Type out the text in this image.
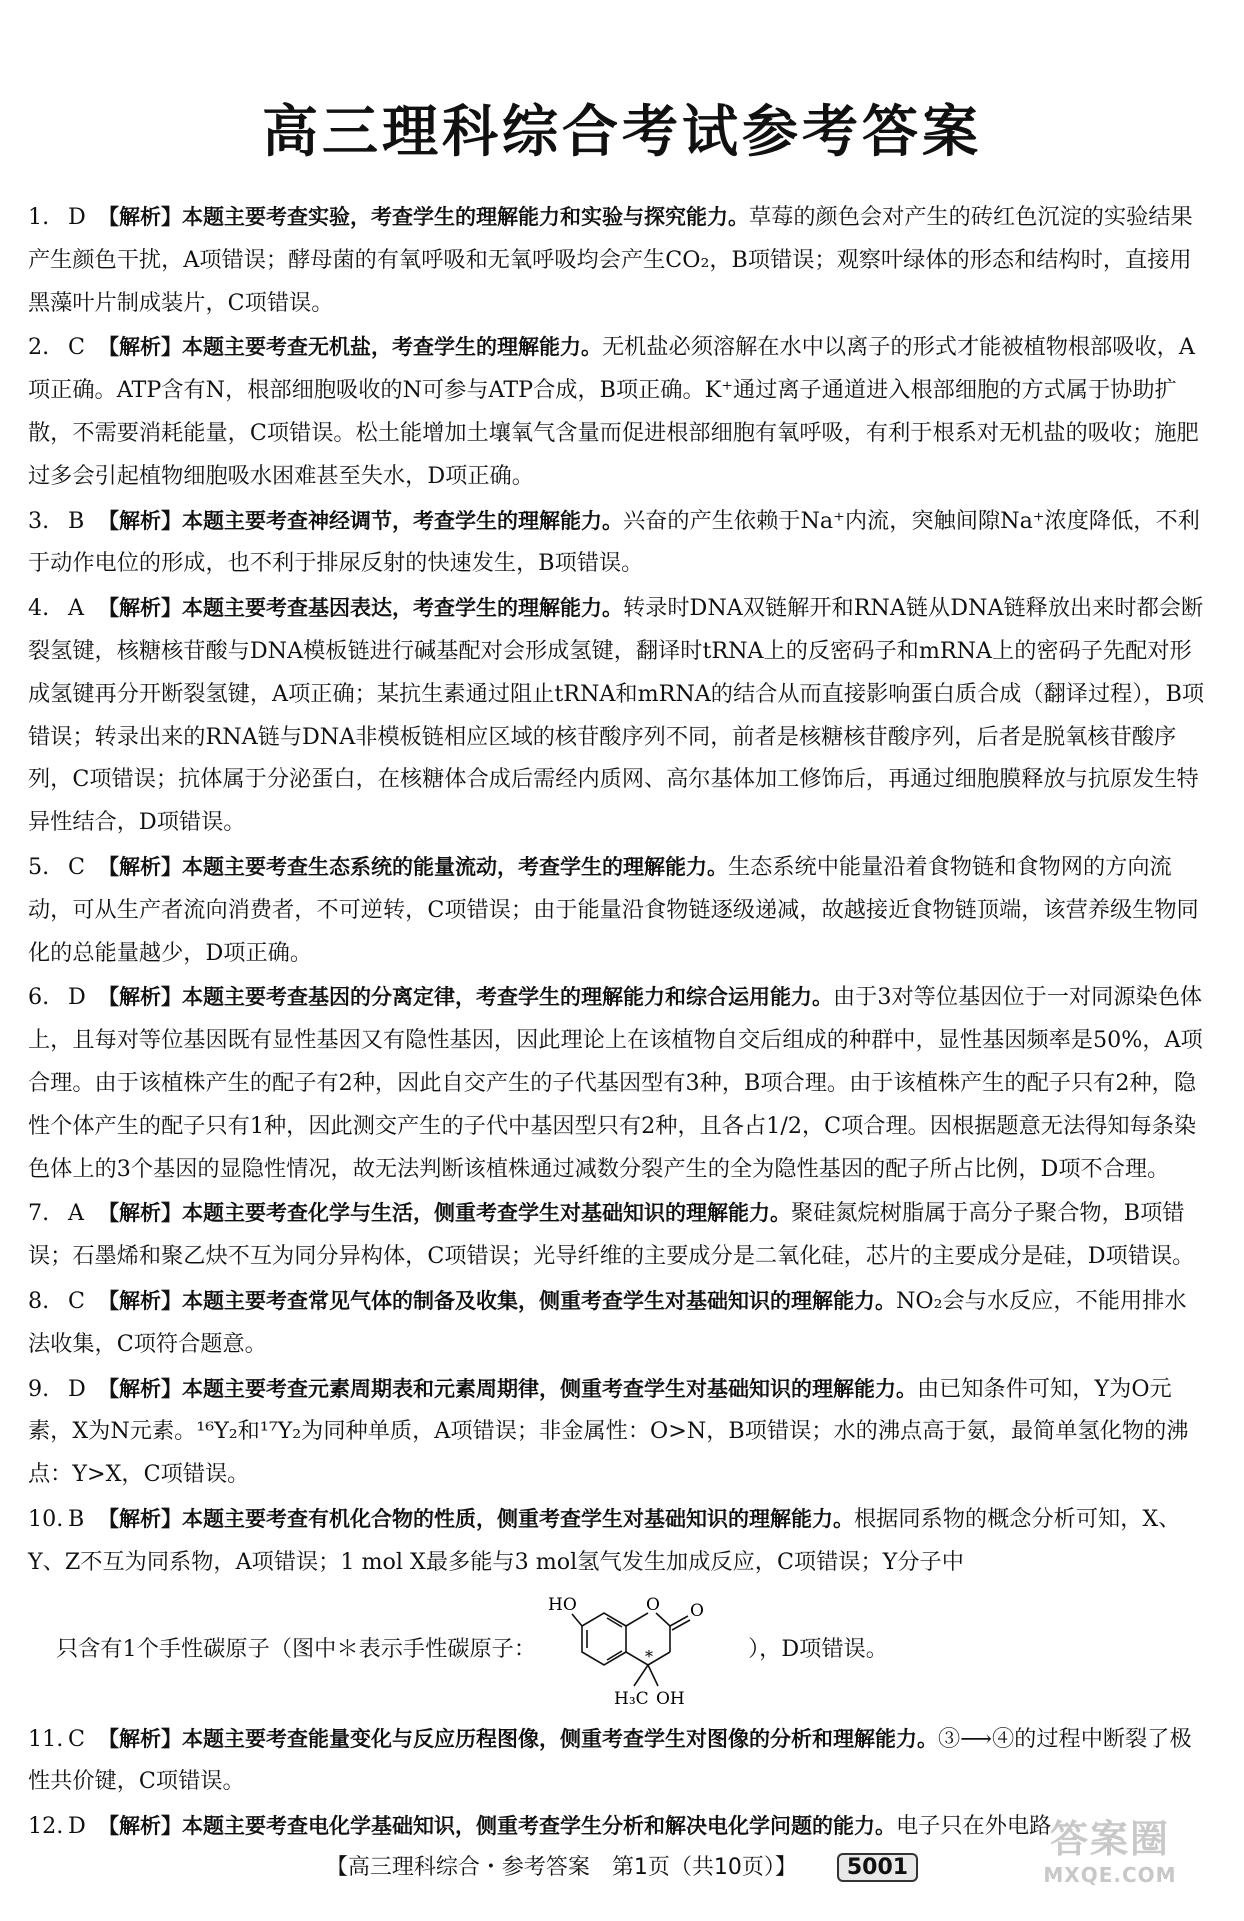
高三理科综合考试参考答案
1. D 【解析】本题主要考查实验，考查学生的理解能力和实验与探究能力。草莓的颜色会对产生的砖红色沉淀的实验结果产生颜色干扰，A项错误；酵母菌的有氧呼吸和无氧呼吸均会产生CO₂，B项错误；观察叶绿体的形态和结构时，直接用黑藻叶片制成装片，C项错误。
2. C 【解析】本题主要考查无机盐，考查学生的理解能力。无机盐必须溶解在水中以离子的形式才能被植物根部吸收，A项正确。ATP含有N，根部细胞吸收的N可参与ATP合成，B项正确。K⁺通过离子通道进入根部细胞的方式属于协助扩散，不需要消耗能量，C项错误。松土能增加土壤氧气含量而促进根部细胞有氧呼吸，有利于根系对无机盐的吸收；施肥过多会引起植物细胞吸水困难甚至失水，D项正确。
3. B 【解析】本题主要考查神经调节，考查学生的理解能力。兴奋的产生依赖于Na⁺内流，突触间隙Na⁺浓度降低，不利于动作电位的形成，也不利于排尿反射的快速发生，B项错误。
4. A 【解析】本题主要考查基因表达，考查学生的理解能力。转录时DNA双链解开和RNA链从DNA链释放出来时都会断裂氢键，核糖核苷酸与DNA模板链进行碱基配对会形成氢键，翻译时tRNA上的反密码子和mRNA上的密码子先配对形成氢键再分开断裂氢键，A项正确；某抗生素通过阻止tRNA和mRNA的结合从而直接影响蛋白质合成（翻译过程），B项错误；转录出来的RNA链与DNA非模板链相应区域的核苷酸序列不同，前者是核糖核苷酸序列，后者是脱氧核苷酸序列，C项错误；抗体属于分泌蛋白，在核糖体合成后需经内质网、高尔基体加工修饰后，再通过细胞膜释放与抗原发生特异性结合，D项错误。
5. C 【解析】本题主要考查生态系统的能量流动，考查学生的理解能力。生态系统中能量沿着食物链和食物网的方向流动，可从生产者流向消费者，不可逆转，C项错误；由于能量沿食物链逐级递减，故越接近食物链顶端，该营养级生物同化的总能量越少，D项正确。
6. D 【解析】本题主要考查基因的分离定律，考查学生的理解能力和综合运用能力。由于3对等位基因位于一对同源染色体上，且每对等位基因既有显性基因又有隐性基因，因此理论上在该植物自交后组成的种群中，显性基因频率是50%，A项合理。由于该植株产生的配子有2种，因此自交产生的子代基因型有3种，B项合理。由于该植株产生的配子只有2种，隐性个体产生的配子只有1种，因此测交产生的子代中基因型只有2种，且各占1/2，C项合理。因根据题意无法得知每条染色体上的3个基因的显隐性情况，故无法判断该植株通过减数分裂产生的全为隐性基因的配子所占比例，D项不合理。
7. A 【解析】本题主要考查化学与生活，侧重考查学生对基础知识的理解能力。聚硅氮烷树脂属于高分子聚合物，B项错误；石墨烯和聚乙炔不互为同分异构体，C项错误；光导纤维的主要成分是二氧化硅，芯片的主要成分是硅，D项错误。
8. C 【解析】本题主要考查常见气体的制备及收集，侧重考查学生对基础知识的理解能力。NO₂会与水反应，不能用排水法收集，C项符合题意。
9. D 【解析】本题主要考查元素周期表和元素周期律，侧重考查学生对基础知识的理解能力。由已知条件可知，Y为O元素，X为N元素。¹⁶Y₂和¹⁷Y₂为同种单质，A项错误；非金属性：O>N，B项错误；水的沸点高于氨，最简单氢化物的沸点：Y>X，C项错误。
10. B 【解析】本题主要考查有机化合物的性质，侧重考查学生对基础知识的理解能力。根据同系物的概念分析可知，X、Y、Z不互为同系物，A项错误；1 mol X最多能与3 mol氢气发生加成反应，C项错误；Y分子中
只含有1个手性碳原子（图中＊表示手性碳原子：
HO	O O
*
H₃C OH
），D项错误。
11. C 【解析】本题主要考查能量变化与反应历程图像，侧重考查学生对图像的分析和理解能力。③⟶④的过程中断裂了极性共价键，C项错误。
12. D 【解析】本题主要考查电化学基础知识，侧重考查学生分析和解决电化学问题的能力。电子只在外电路
【高三理科综合・参考答案　第1页（共10页）】 5001
答案圈
MXQE.COM
